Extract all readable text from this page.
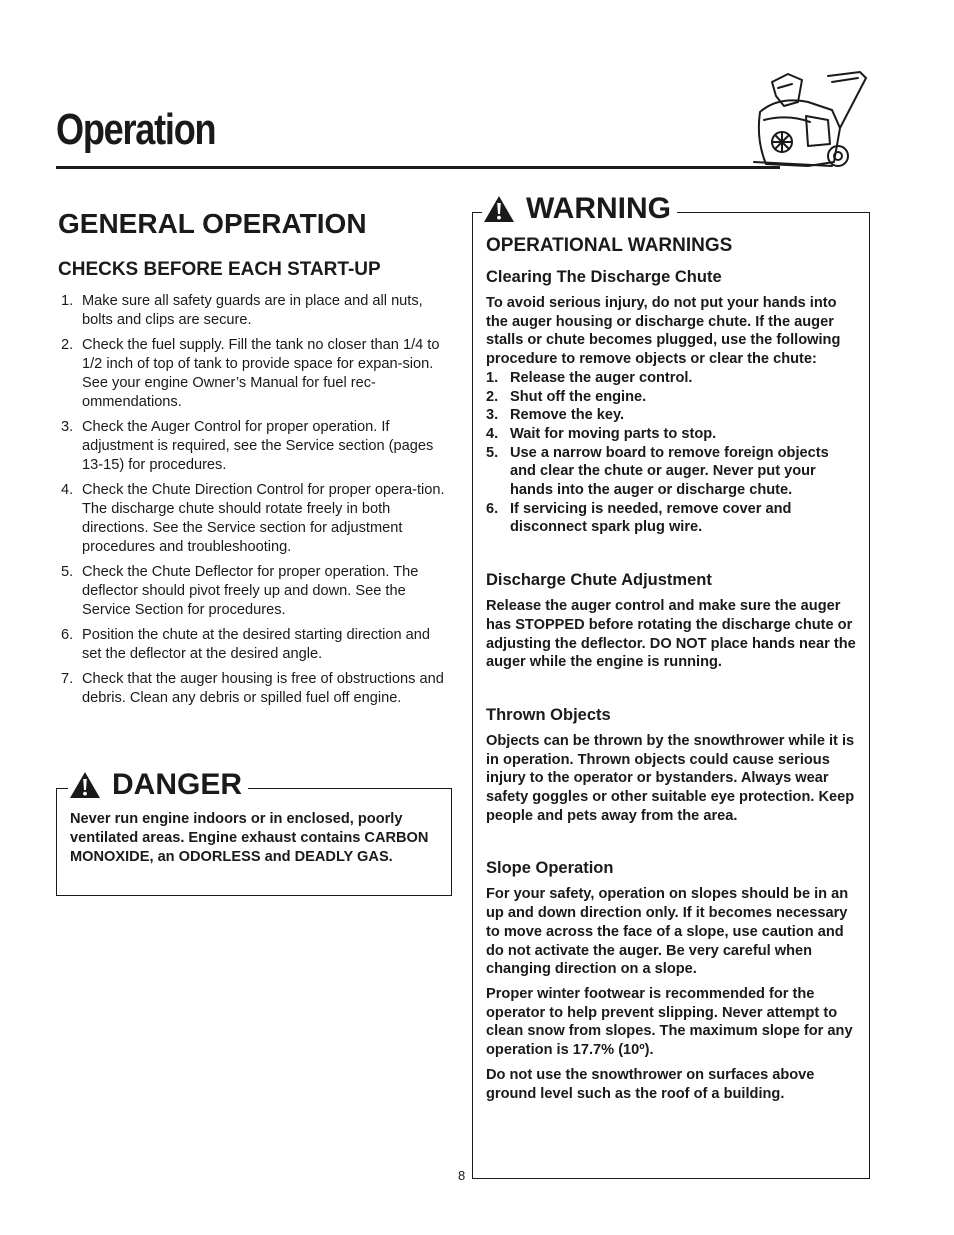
Operation
GENERAL OPERATION
CHECKS BEFORE EACH START-UP
1. Make sure all safety guards are in place and all nuts, bolts and clips are secure.
2. Check the fuel supply. Fill the tank no closer than 1/4 to 1/2 inch of top of tank to provide space for expan-sion. See your engine Owner’s Manual for fuel rec-ommendations.
3. Check the Auger Control for proper operation. If adjustment is required, see the Service section (pages 13-15) for procedures.
4. Check the Chute Direction Control for proper opera-tion. The discharge chute should rotate freely in both directions. See the Service section for adjustment procedures and troubleshooting.
5. Check the Chute Deflector for proper operation. The deflector should pivot freely up and down. See the Service Section for procedures.
6. Position the chute at the desired starting direction and set the deflector at the desired angle.
7. Check that the auger housing is free of obstructions and debris. Clean any debris or spilled fuel off engine.
DANGER
Never run engine indoors or in enclosed, poorly ventilated areas. Engine exhaust contains CARBON MONOXIDE, an ODORLESS and DEADLY GAS.
WARNING
OPERATIONAL WARNINGS
Clearing The Discharge Chute

To avoid serious injury, do not put your hands into the auger housing or discharge chute. If the auger stalls or chute becomes plugged, use the following procedure to remove objects or clear the chute:

1. Release the auger control.
2. Shut off the engine.
3. Remove the key.
4. Wait for moving parts to stop.
5. Use a narrow board to remove foreign objects and clear the chute or auger. Never put your hands into the auger or discharge chute.
6. If servicing is needed, remove cover and disconnect spark plug wire.
Discharge Chute Adjustment

Release the auger control and make sure the auger has STOPPED before rotating the discharge chute or adjusting the deflector. DO NOT place hands near the auger while the engine is running.

Thrown Objects

Objects can be thrown by the snowthrower while it is in operation. Thrown objects could cause serious injury to the operator or bystanders. Always wear safety goggles or other suitable eye protection. Keep people and pets away from the area.

Slope Operation

For your safety, operation on slopes should be in an up and down direction only. If it becomes necessary to move across the face of a slope, use caution and do not activate the auger. Be very careful when changing direction on a slope.

Proper winter footwear is recommended for the operator to help prevent slipping. Never attempt to clean snow from slopes. The maximum slope for any operation is 17.7% (10º).

Do not use the snowthrower on surfaces above ground level such as the roof of a building.

8
